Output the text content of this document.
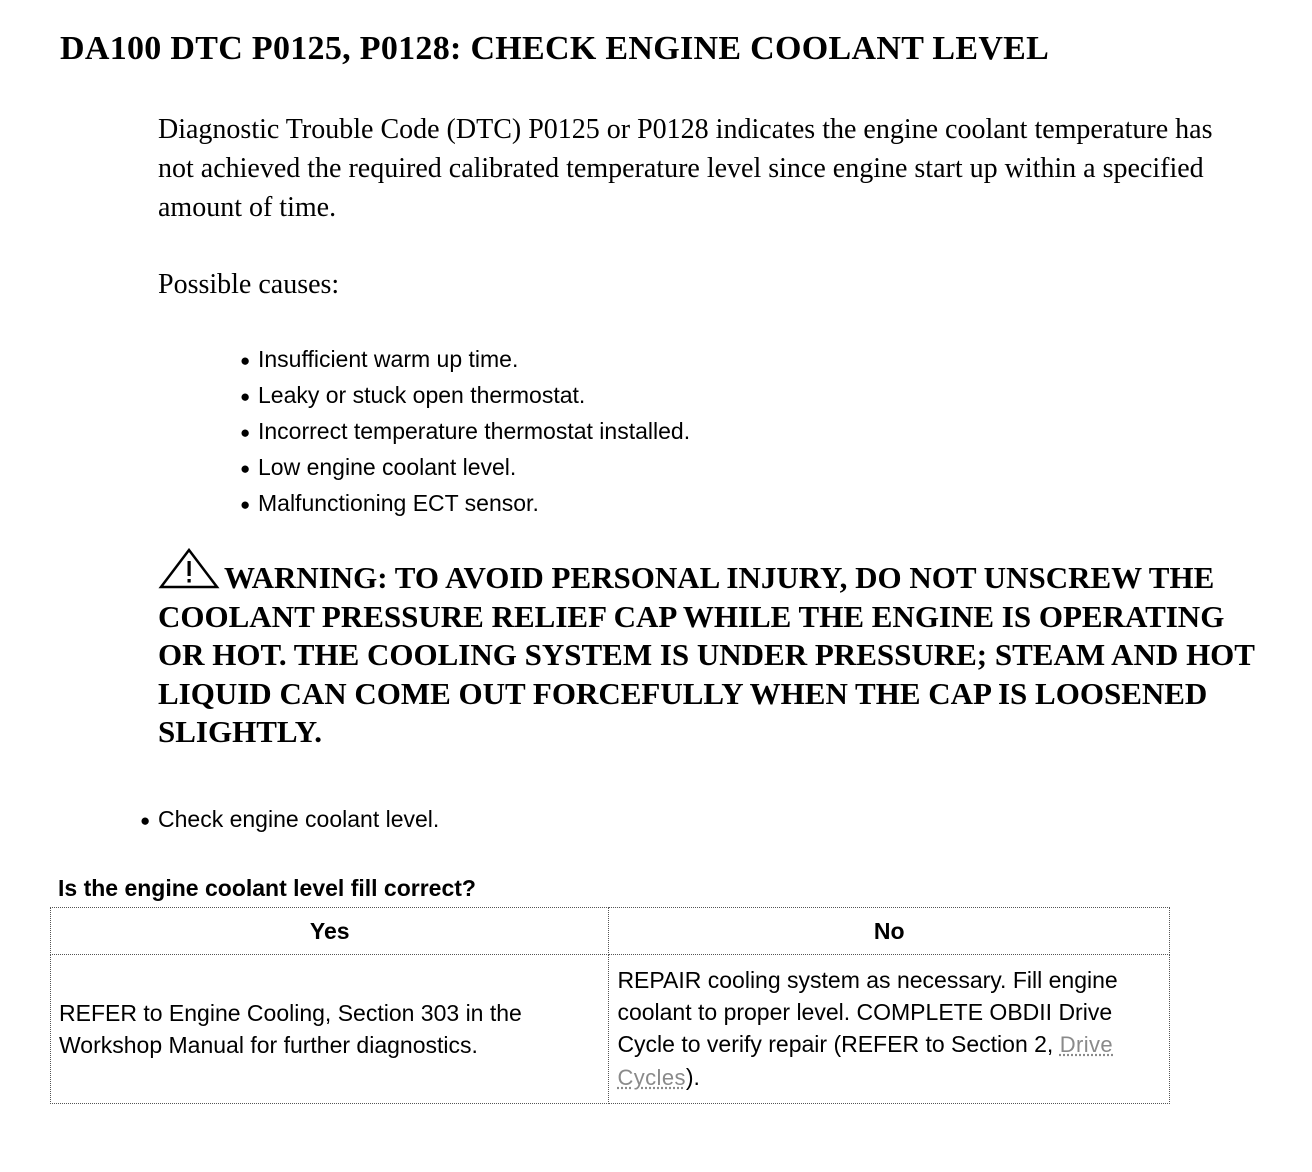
DA100 DTC P0125, P0128: CHECK ENGINE COOLANT LEVEL

Diagnostic Trouble Code (DTC) P0125 or P0128 indicates the engine coolant temperature has not achieved the required calibrated temperature level since engine start up within a specified amount of time.

Possible causes:

● Insufficient warm up time.
● Leaky or stuck open thermostat.
● Incorrect temperature thermostat installed.
● Low engine coolant level.
● Malfunctioning ECT sensor.

WARNING: TO AVOID PERSONAL INJURY, DO NOT UNSCREW THE COOLANT PRESSURE RELIEF CAP WHILE THE ENGINE IS OPERATING OR HOT. THE COOLING SYSTEM IS UNDER PRESSURE; STEAM AND HOT LIQUID CAN COME OUT FORCEFULLY WHEN THE CAP IS LOOSENED SLIGHTLY.

● Check engine coolant level.

Is the engine coolant level fill correct?

Yes	No
REFER to Engine Cooling, Section 303 in the Workshop Manual for further diagnostics.	REPAIR cooling system as necessary. Fill engine coolant to proper level. COMPLETE OBDII Drive Cycle to verify repair (REFER to Section 2, Drive Cycles).
